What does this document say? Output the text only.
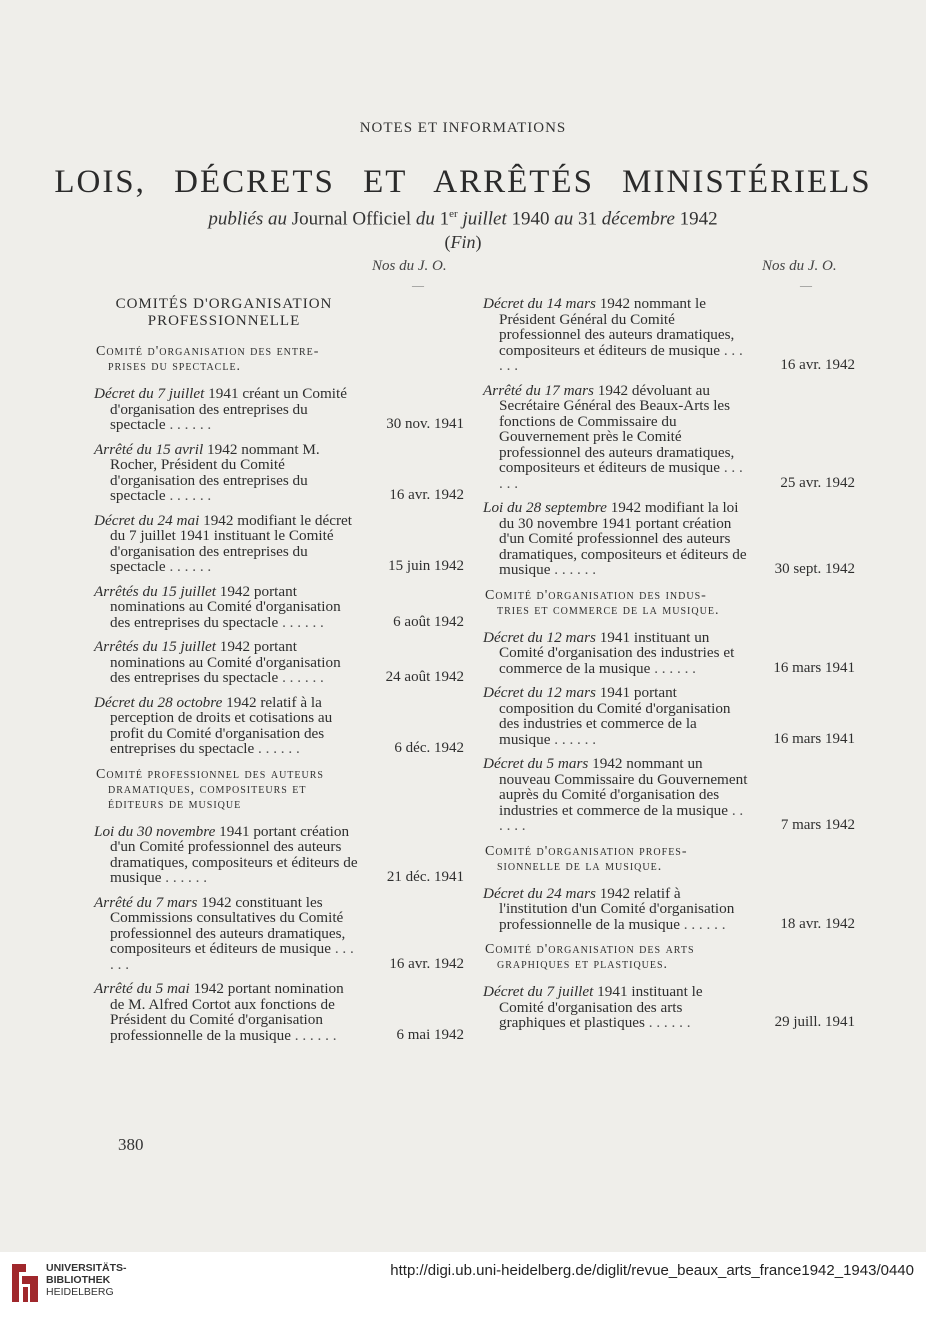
NOTES ET INFORMATIONS
LOIS, DÉCRETS ET ARRÊTÉS MINISTÉRIELS
publiés au Journal Officiel du 1er juillet 1940 au 31 décembre 1942
(Fin)
Nos du J. O.	Nos du J. O.
—	—
COMITÉS D'ORGANISATION PROFESSIONNELLE
Comité d'organisation des entre-
prises du spectacle.
Décret du 7 juillet 1941 créant un Comité d'organisation des entreprises du spectacle . . . . . .	30 nov. 1941
Arrêté du 15 avril 1942 nommant M. Rocher, Président du Comité d'organisation des entreprises du spectacle . . . . . .	16 avr. 1942
Décret du 24 mai 1942 modifiant le décret du 7 juillet 1941 instituant le Comité d'organisation des entreprises du spectacle . . . . . .	15 juin 1942
Arrêtés du 15 juillet 1942 portant nominations au Comité d'organisation des entreprises du spectacle . . . . . .	6 août 1942
Arrêtés du 15 juillet 1942 portant nominations au Comité d'organisation des entreprises du spectacle . . . . . .	24 août 1942
Décret du 28 octobre 1942 relatif à la perception de droits et cotisations au profit du Comité d'organisation des entreprises du spectacle . . . . . .	6 déc. 1942
Comité professionnel des auteurs
dramatiques, compositeurs et éditeurs de musique
Loi du 30 novembre 1941 portant création d'un Comité professionnel des auteurs dramatiques, compositeurs et éditeurs de musique . . . . . .	21 déc. 1941
Arrêté du 7 mars 1942 constituant les Commissions consultatives du Comité professionnel des auteurs dramatiques, compositeurs et éditeurs de musique . . . . . .	16 avr. 1942
Arrêté du 5 mai 1942 portant nomination de M. Alfred Cortot aux fonctions de Président du Comité d'organisation professionnelle de la musique . . . . . .	6 mai 1942
Décret du 14 mars 1942 nommant le Président Général du Comité professionnel des auteurs dramatiques, compositeurs et éditeurs de musique . . . . . .	16 avr. 1942
Arrêté du 17 mars 1942 dévoluant au Secrétaire Général des Beaux-Arts les fonctions de Commissaire du Gouvernement près le Comité professionnel des auteurs dramatiques, compositeurs et éditeurs de musique . . . . . .	25 avr. 1942
Loi du 28 septembre 1942 modifiant la loi du 30 novembre 1941 portant création d'un Comité professionnel des auteurs dramatiques, compositeurs et éditeurs de musique . . . . . .	30 sept. 1942
Comité d'organisation des indus-
tries et commerce de la musique.
Décret du 12 mars 1941 instituant un Comité d'organisation des industries et commerce de la musique . . . . . .	16 mars 1941
Décret du 12 mars 1941 portant composition du Comité d'organisation des industries et commerce de la musique . . . . . .	16 mars 1941
Décret du 5 mars 1942 nommant un nouveau Commissaire du Gouvernement auprès du Comité d'organisation des industries et commerce de la musique . . . . . .	7 mars 1942
Comité d'organisation profes-
sionnelle de la musique.
Décret du 24 mars 1942 relatif à l'institution d'un Comité d'organisation professionnelle de la musique . . . . . .	18 avr. 1942
Comité d'organisation des arts
graphiques et plastiques.
Décret du 7 juillet 1941 instituant le Comité d'organisation des arts graphiques et plastiques . . . . . .	29 juill. 1941
380
UNIVERSITÄTS-
BIBLIOTHEK
HEIDELBERG
http://digi.ub.uni-heidelberg.de/diglit/revue_beaux_arts_france1942_1943/0440
